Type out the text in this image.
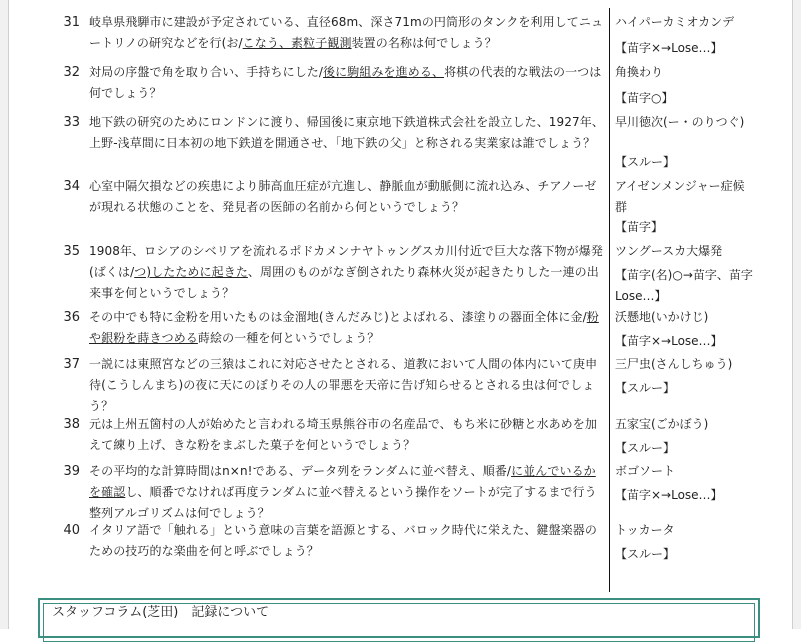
31 岐阜県飛騨市に建設が予定されている、直径68m、深さ71mの円筒形のタンクを利用してニュートリノの研究などを行(お/こなう、素粒子観測装置の名称は何でしょう？
ハイパーカミオカンデ
【苗字×→Lose…】
32 対局の序盤で角を取り合い、手持ちにした/後に駒組みを進める、将棋の代表的な戦法の一つは何でしょう？
角換わり
【苗字○】
33 地下鉄の研究のためにロンドンに渡り、帰国後に東京地下鉄道株式会社を設立した、1927年、上野-浅草間に日本初の地下鉄道を開通させ、「地下鉄の父」と称される実業家は誰でしょう？
早川徳次(ー・のりつぐ)
【スルー】
34 心室中隔欠損などの疾患により肺高血圧症が亢進し、静脈血が動脈側に流れ込み、チアノーゼが現れる状態のことを、発見者の医師の名前から何というでしょう？
アイゼンメンジャー症候群
【苗字】
35 1908年、ロシアのシベリアを流れるポドカメンナヤトゥングスカ川付近で巨大な落下物が爆発(ばくは/つ)したために起きた、周囲のものがなぎ倒されたり森林火災が起きたりした一連の出来事を何というでしょう？
ツングースカ大爆発
【苗字(名)○→苗字、苗字 Lose…】
36 その中でも特に金粉を用いたものは金溜地(きんだみじ)とよばれる、漆塗りの器面全体に金/粉や銀粉を蒔きつめる蒔絵の一種を何というでしょう？
沃懸地(いかけじ)
【苗字×→Lose…】
37 一説には東照宮などの三猿はこれに対応させたとされる、道教において人間の体内にいて庚申待(こうしんまち)の夜に天にのぼりその人の罪悪を天帝に告げ知らせるとされる虫は何でしょう？
三尸虫(さんしちゅう)
【スルー】
38 元は上州五箇村の人が始めたと言われる埼玉県熊谷市の名産品で、もち米に砂糖と水あめを加えて練り上げ、きな粉をまぶした菓子を何というでしょう？
五家宝(ごかぼう)
【スルー】
39 その平均的な計算時間はn×n!である、データ列をランダムに並べ替え、順番/に並んでいるかを確認し、順番でなければ再度ランダムに並べ替えるという操作をソートが完了するまで行う整列アルゴリズムは何でしょう？
ボゴソート
【苗字×→Lose…】
40 イタリア語で「触れる」という意味の言葉を語源とする、バロック時代に栄えた、鍵盤楽器のための技巧的な楽曲を何と呼ぶでしょう？
トッカータ
【スルー】
スタッフコラム(芝田)　記録について
